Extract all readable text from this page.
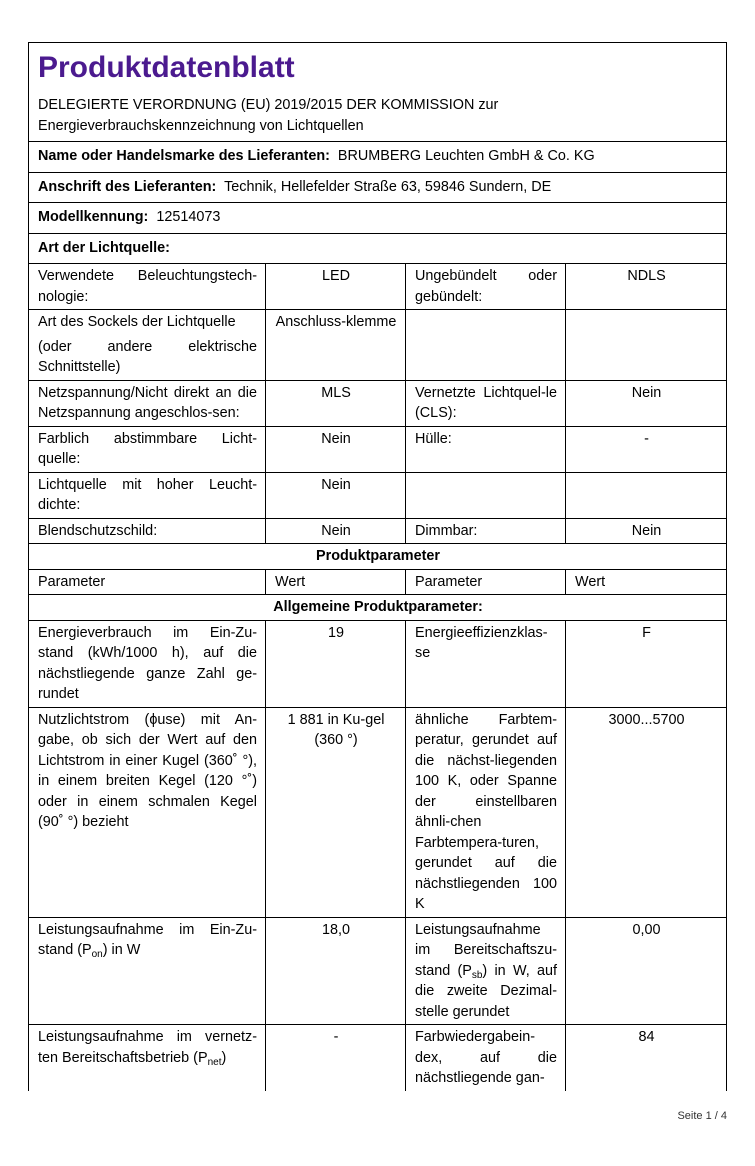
Produktdatenblatt
DELEGIERTE VERORDNUNG (EU) 2019/2015 DER KOMMISSION zur
Energieverbrauchskennzeichnung von Lichtquellen			

Name oder Handelsmarke des Lieferanten: BRUMBERG Leuchten GmbH & Co. KG			
Anschrift des Lieferanten: Technik, Hellefelder Straße 63, 59846 Sundern, DE			
Modellkennung: 12514073			
Art der Lichtquelle:			
Verwendete Beleuchtungstech-nologie:	LED	Ungebündelt oder gebündelt:	NDLS

Art des Sockels der Lichtquelle
(oder andere elektrische Schnittstelle)	Anschluss-klemme		
Netzspannung/Nicht direkt an die Netzspannung angeschlos-sen:	MLS	Vernetzte Lichtquel-le (CLS):	Nein
Farblich abstimmbare Licht-quelle:	Nein	Hülle:	-
Lichtquelle mit hoher Leucht-dichte:	Nein		
Blendschutzschild:	Nein	Dimmbar:	Nein
Produktparameter			
Parameter	Wert	Parameter	Wert
Allgemeine Produktparameter:			
Energieverbrauch im Ein-Zu-stand (kWh/1000 h), auf die nächstliegende ganze Zahl ge-rundet	19	Energieeffizienzklas-se	F
Nutzlichtstrom (ϕuse) mit An-gabe, ob sich der Wert auf den Lichtstrom in einer Kugel (360˚ °), in einem breiten Kegel (120 °˚) oder in einem schmalen Kegel (90˚ °) bezieht	1 881 in Ku-gel (360 °)	ähnliche Farbtem-peratur, gerundet auf die nächst-liegenden 100 K, oder Spanne der einstellbaren ähnli-chen Farbtempera-turen, gerundet auf die nächstliegenden 100 K	3000...5700
Leistungsaufnahme im Ein-Zu-stand $(P_{on})$ in W	18,0	Leistungsaufnahme im Bereitschaftszu-stand $(P_{sb})$ in W, auf die zweite Dezimal-stelle gerundet	0,00
Leistungsaufnahme im vernetz-ten Bereitschaftsbetrieb $(P_{net})$	-	Farbwiedergabein-dex, auf die nächstliegende gan-	84
Seite 1 / 4
